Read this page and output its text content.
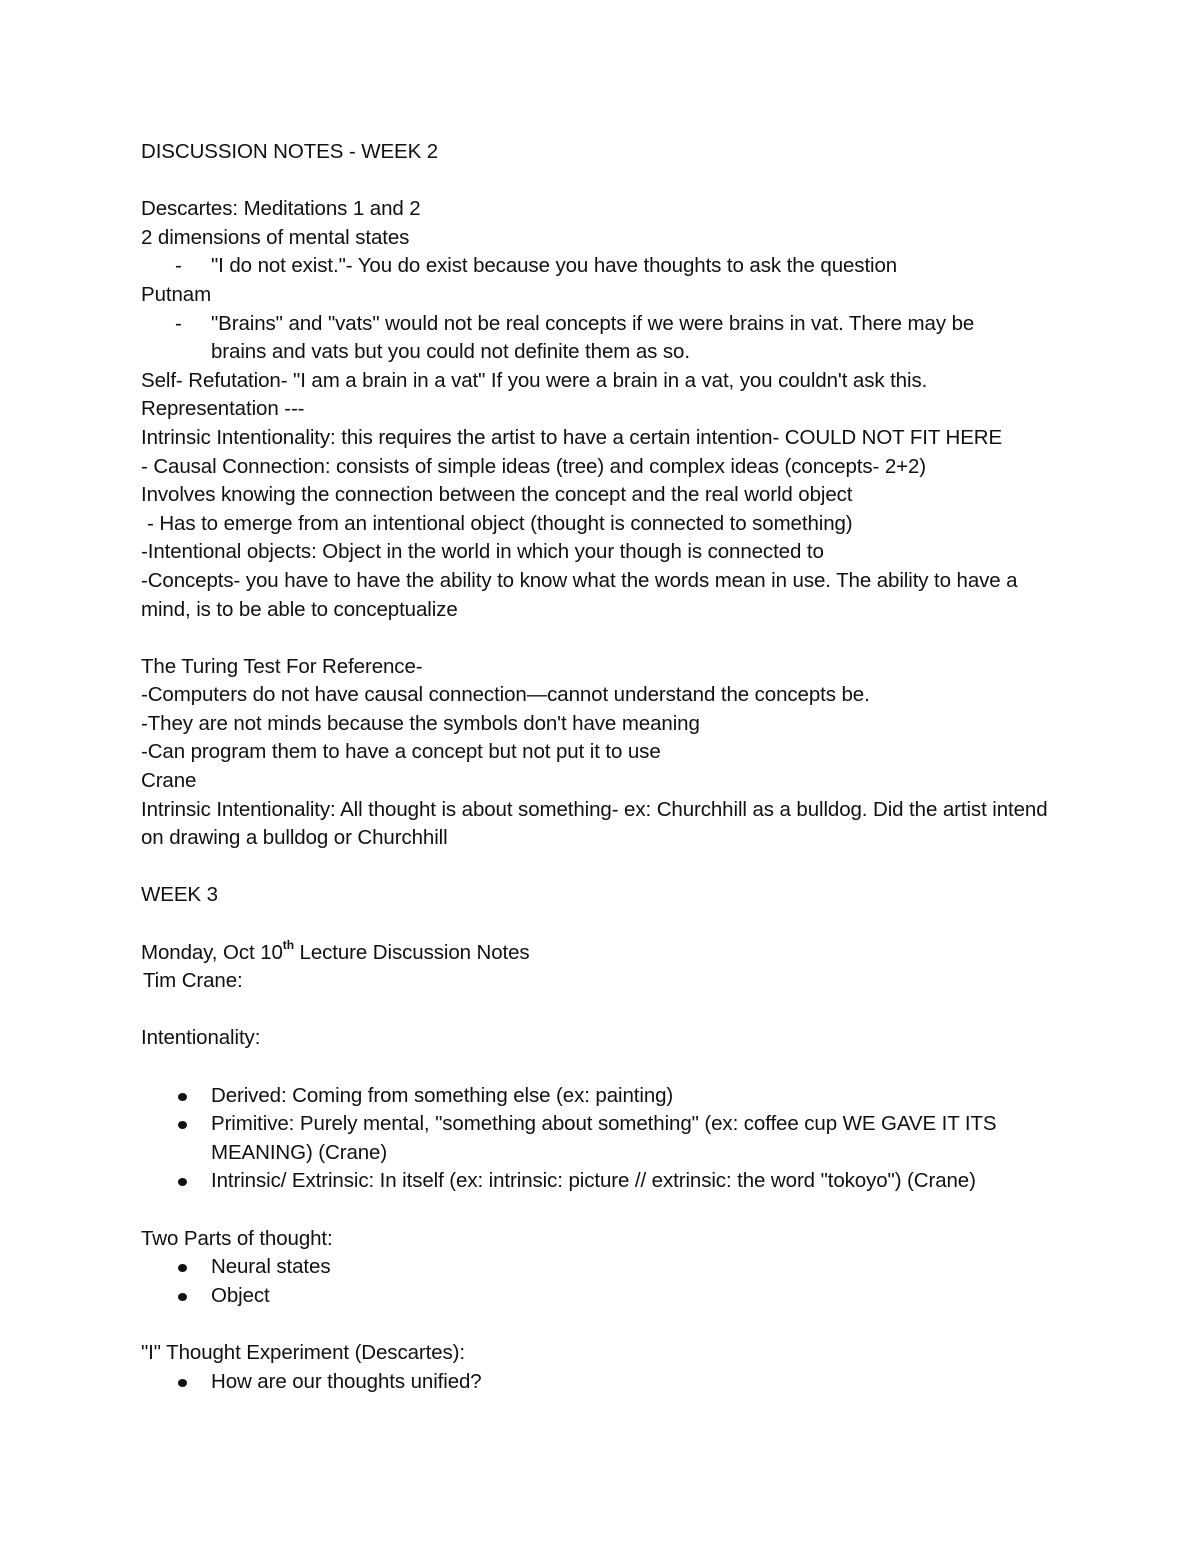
DISCUSSION NOTES - WEEK 2
Descartes: Meditations 1 and 2
2 dimensions of mental states
- "I do not exist."- You do exist because you have thoughts to ask the question
Putnam
- "Brains" and "vats" would not be real concepts if we were brains in vat. There may be brains and vats but you could not definite them as so.
Self- Refutation- "I am a brain in a vat" If you were a brain in a vat, you couldn't ask this.
Representation ---
Intrinsic Intentionality: this requires the artist to have a certain intention- COULD NOT FIT HERE
- Causal Connection: consists of simple ideas (tree) and complex ideas (concepts- 2+2)
Involves knowing the connection between the concept and the real world object
- Has to emerge from an intentional object (thought is connected to something)
-Intentional objects: Object in the world in which your though is connected to
-Concepts- you have to have the ability to know what the words mean in use. The ability to have a mind, is to be able to conceptualize
The Turing Test For Reference-
-Computers do not have causal connection—cannot understand the concepts be.
-They are not minds because the symbols don't have meaning
-Can program them to have a concept but not put it to use
Crane
Intrinsic Intentionality: All thought is about something- ex: Churchhill as a bulldog. Did the artist intend on drawing a bulldog or Churchhill
WEEK 3
Monday, Oct 10th Lecture Discussion Notes
Tim Crane:
Intentionality:
Derived: Coming from something else (ex: painting)
Primitive: Purely mental, "something about something" (ex: coffee cup WE GAVE IT ITS MEANING) (Crane)
Intrinsic/ Extrinsic: In itself (ex: intrinsic: picture // extrinsic: the word "tokoyo") (Crane)
Two Parts of thought:
Neural states
Object
"I" Thought Experiment (Descartes):
How are our thoughts unified?
